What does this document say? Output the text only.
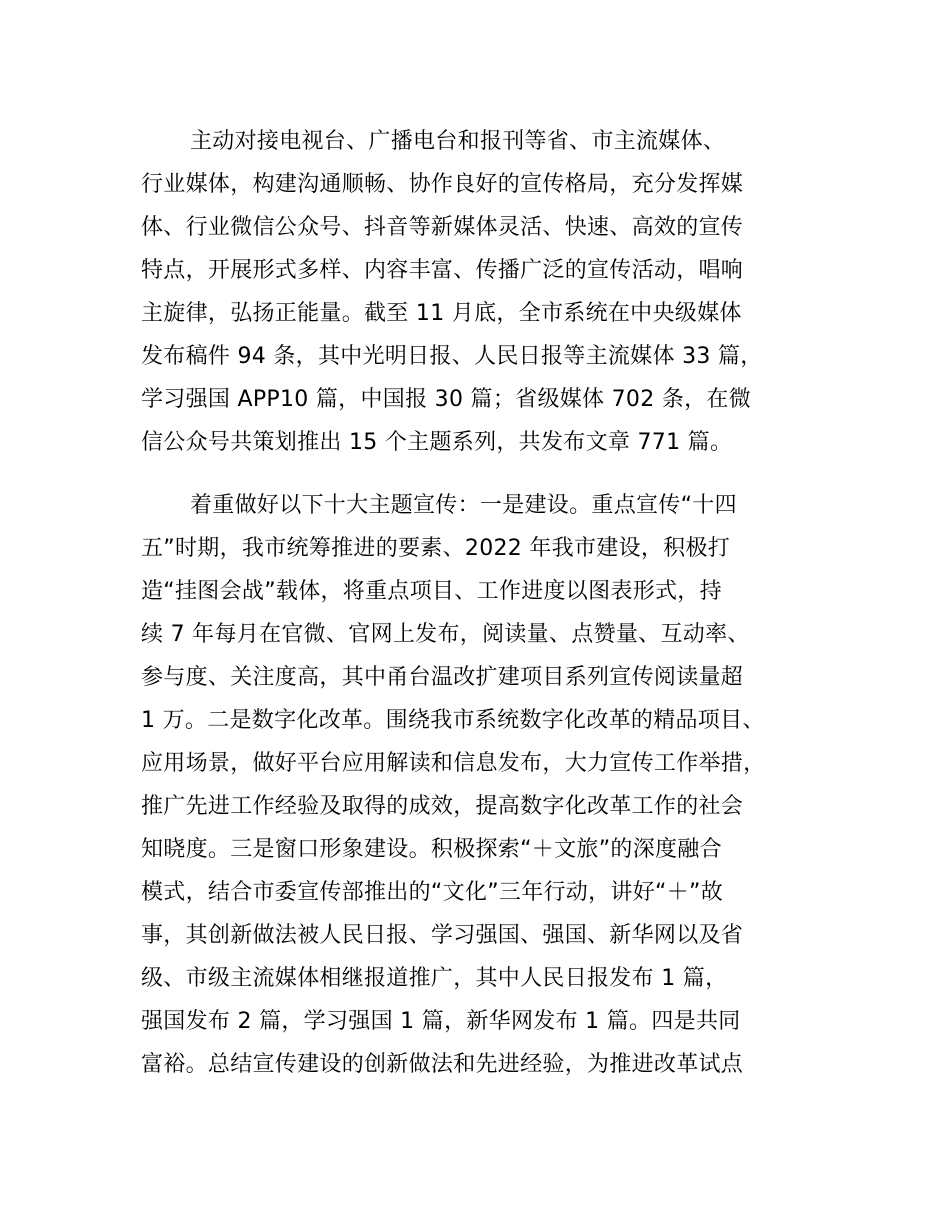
主动对接电视台、广播电台和报刊等省、市主流媒体、
行业媒体，构建沟通顺畅、协作良好的宣传格局，充分发挥媒
体、行业微信公众号、抖音等新媒体灵活、快速、高效的宣传
特点，开展形式多样、内容丰富、传播广泛的宣传活动，唱响
主旋律，弘扬正能量。截至 11 月底，全市系统在中央级媒体
发布稿件 94 条，其中光明日报、人民日报等主流媒体 33 篇，
学习强国 APP10 篇，中国报 30 篇；省级媒体 702 条，在微
信公众号共策划推出 15 个主题系列，共发布文章 771 篇。
着重做好以下十大主题宣传：一是建设。重点宣传“十四
五”时期，我市统筹推进的要素、2022 年我市建设，积极打
造“挂图会战”载体，将重点项目、工作进度以图表形式，持
续 7 年每月在官微、官网上发布，阅读量、点赞量、互动率、
参与度、关注度高，其中甬台温改扩建项目系列宣传阅读量超
1 万。二是数字化改革。围绕我市系统数字化改革的精品项目、
应用场景，做好平台应用解读和信息发布，大力宣传工作举措，
推广先进工作经验及取得的成效，提高数字化改革工作的社会
知晓度。三是窗口形象建设。积极探索“＋文旅”的深度融合
模式，结合市委宣传部推出的“文化”三年行动，讲好“＋”故
事，其创新做法被人民日报、学习强国、强国、新华网以及省
级、市级主流媒体相继报道推广，其中人民日报发布 1 篇，
强国发布 2 篇，学习强国 1 篇，新华网发布 1 篇。四是共同
富裕。总结宣传建设的创新做法和先进经验，为推进改革试点
